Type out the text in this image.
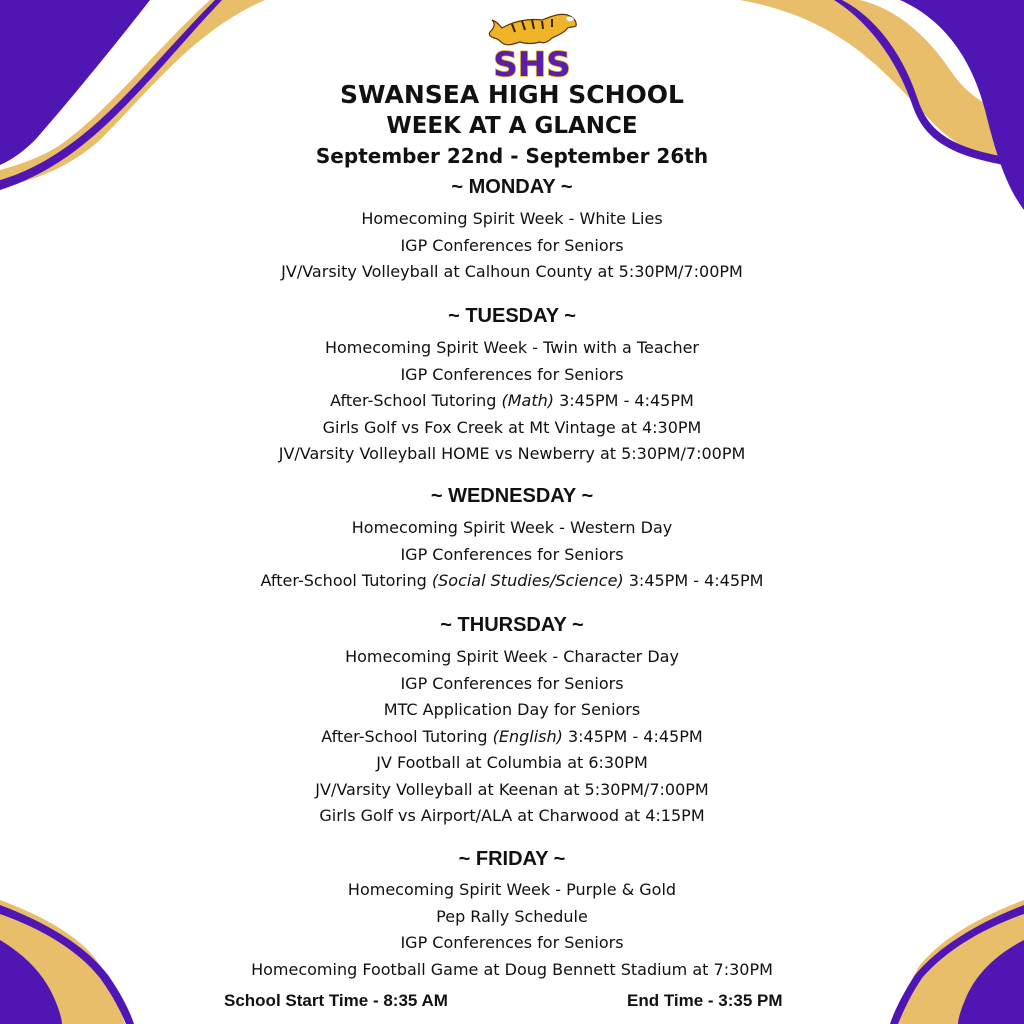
SHS
SWANSEA HIGH SCHOOL
WEEK AT A GLANCE
September 22nd - September 26th
~ MONDAY ~
Homecoming Spirit Week - White Lies
IGP Conferences for Seniors
JV/Varsity Volleyball at Calhoun County at 5:30PM/7:00PM
~ TUESDAY ~
Homecoming Spirit Week - Twin with a Teacher
IGP Conferences for Seniors
After-School Tutoring (Math) 3:45PM - 4:45PM
Girls Golf vs Fox Creek at Mt Vintage at 4:30PM
JV/Varsity Volleyball HOME vs Newberry at 5:30PM/7:00PM
~ WEDNESDAY ~
Homecoming Spirit Week - Western Day
IGP Conferences for Seniors
After-School Tutoring (Social Studies/Science) 3:45PM - 4:45PM
~ THURSDAY ~
Homecoming Spirit Week - Character Day
IGP Conferences for Seniors
MTC Application Day for Seniors
After-School Tutoring (English) 3:45PM - 4:45PM
JV Football at Columbia at 6:30PM
JV/Varsity Volleyball at Keenan at 5:30PM/7:00PM
Girls Golf vs Airport/ALA at Charwood at 4:15PM
~ FRIDAY ~
Homecoming Spirit Week - Purple & Gold
Pep Rally Schedule
IGP Conferences for Seniors
Homecoming Football Game at Doug Bennett Stadium at 7:30PM
School Start Time - 8:35 AM	End Time - 3:35 PM
